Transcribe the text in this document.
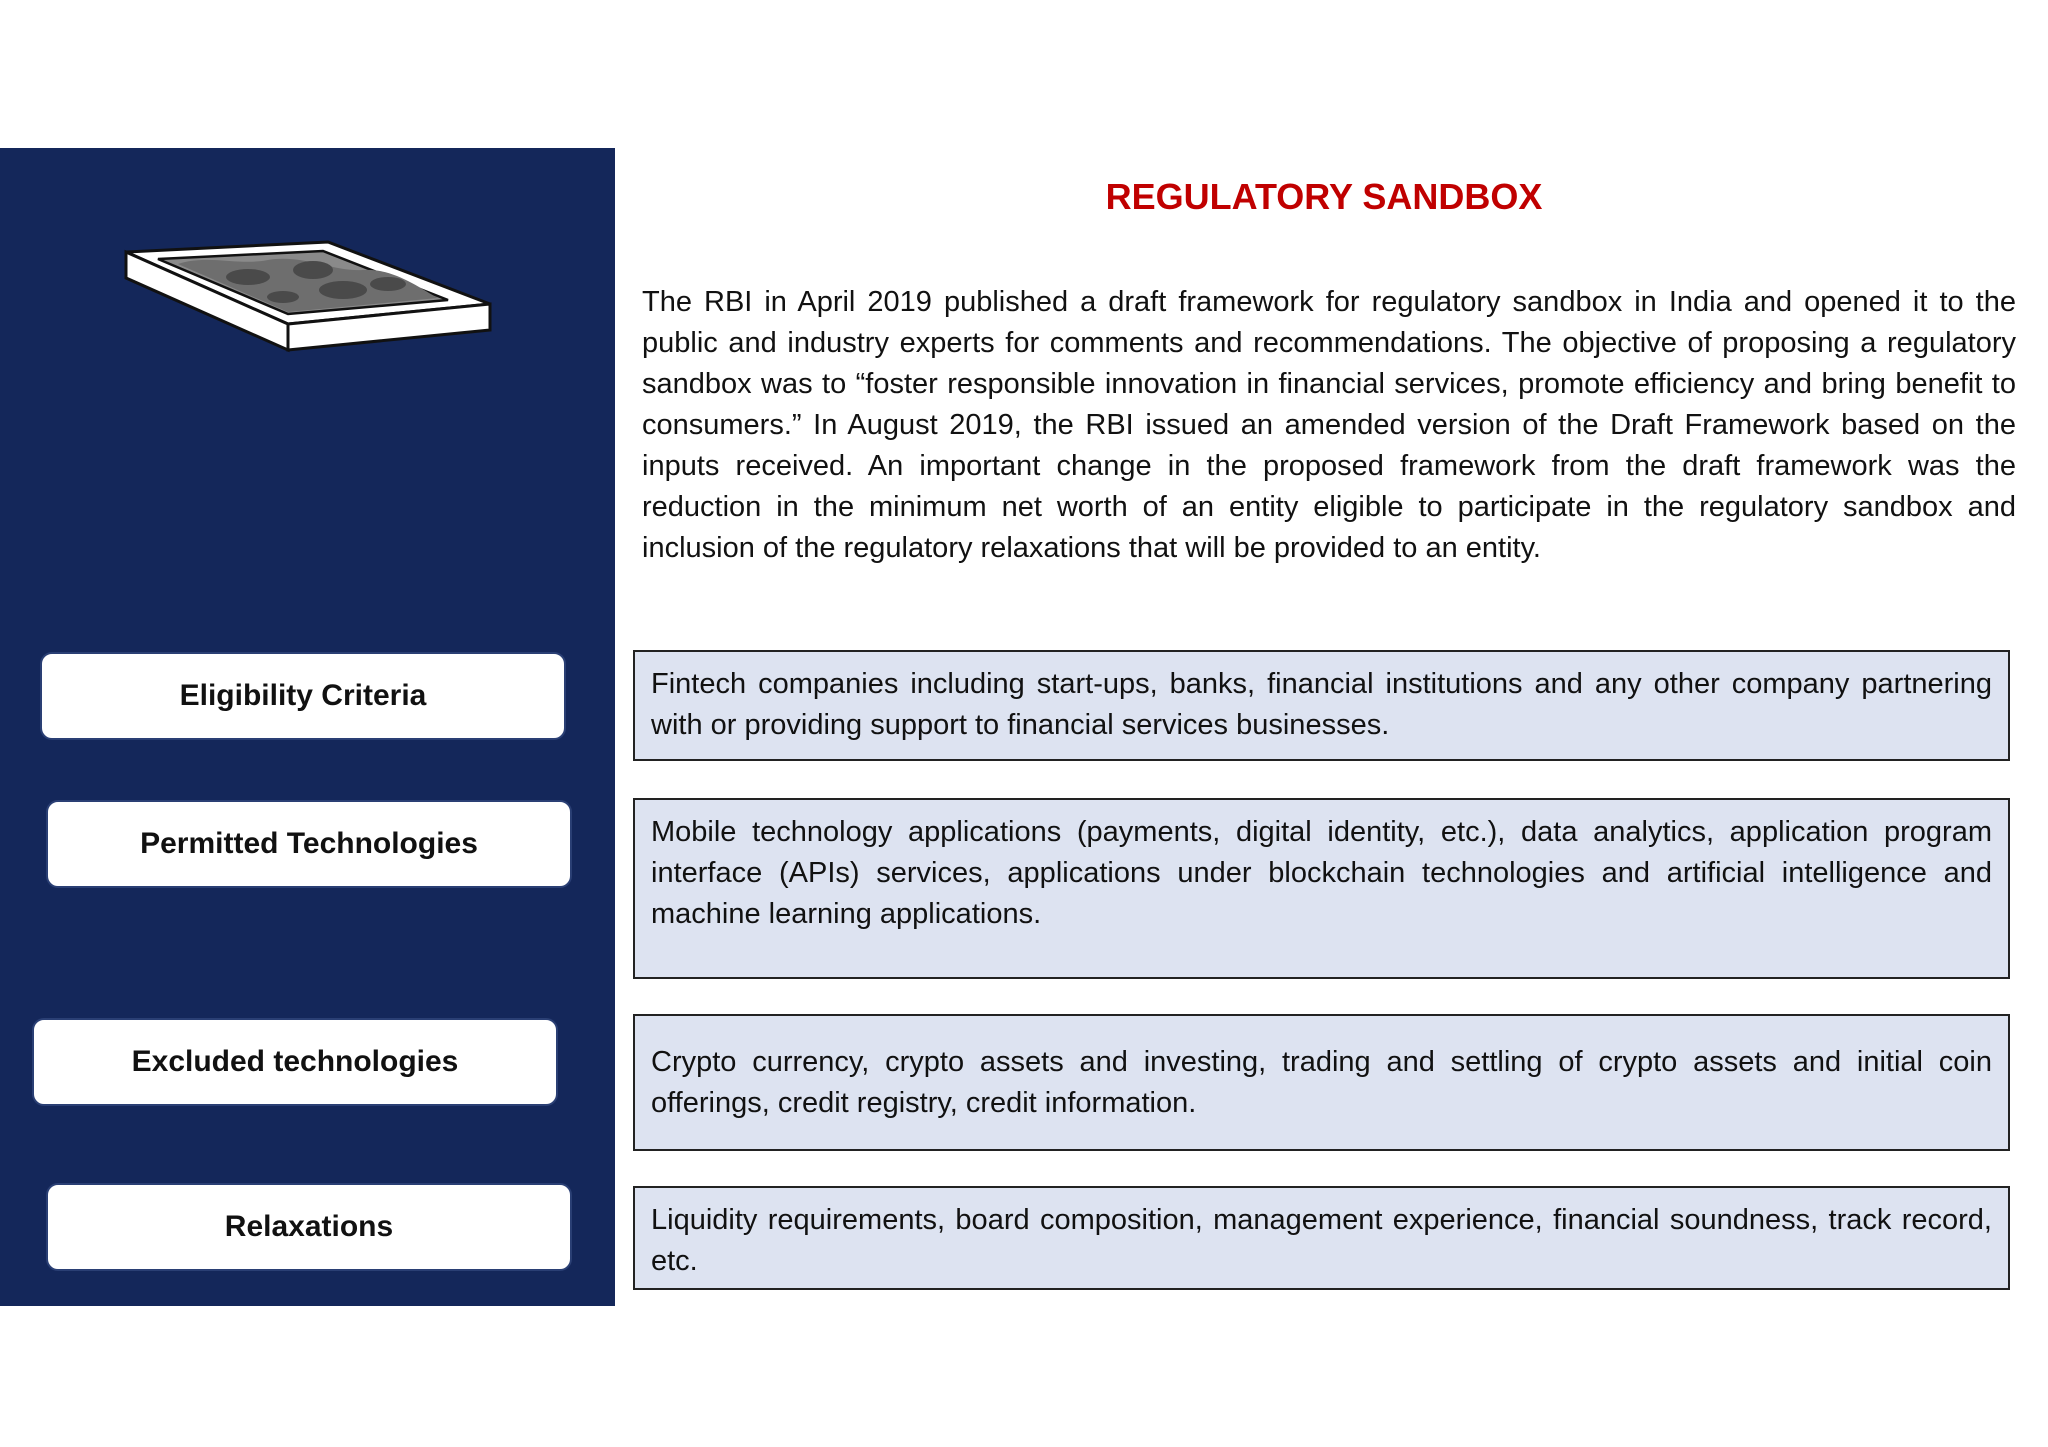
REGULATORY SANDBOX
The RBI in April 2019 published a draft framework for regulatory sandbox in India and opened it to the public and industry experts for comments and recommendations. The objective of proposing a regulatory sandbox was to “foster responsible innovation in financial services, promote efficiency and bring benefit to consumers.” In August 2019, the RBI issued an amended version of the Draft Framework based on the inputs received. An important change in the proposed framework from the draft framework was the reduction in the minimum net worth of an entity eligible to participate in the regulatory sandbox and inclusion of the regulatory relaxations that will be provided to an entity.
Eligibility Criteria
Permitted Technologies
Excluded technologies
Relaxations
Fintech companies including start-ups, banks, financial institutions and any other company partnering with or providing support to financial services businesses.
Mobile technology applications (payments, digital identity, etc.), data analytics, application program interface (APIs) services, applications under blockchain technologies and artificial intelligence and machine learning applications.
Crypto currency, crypto assets and investing, trading and settling of crypto assets and initial coin offerings, credit registry, credit information.
Liquidity requirements, board composition, management experience, financial soundness, track record, etc.
